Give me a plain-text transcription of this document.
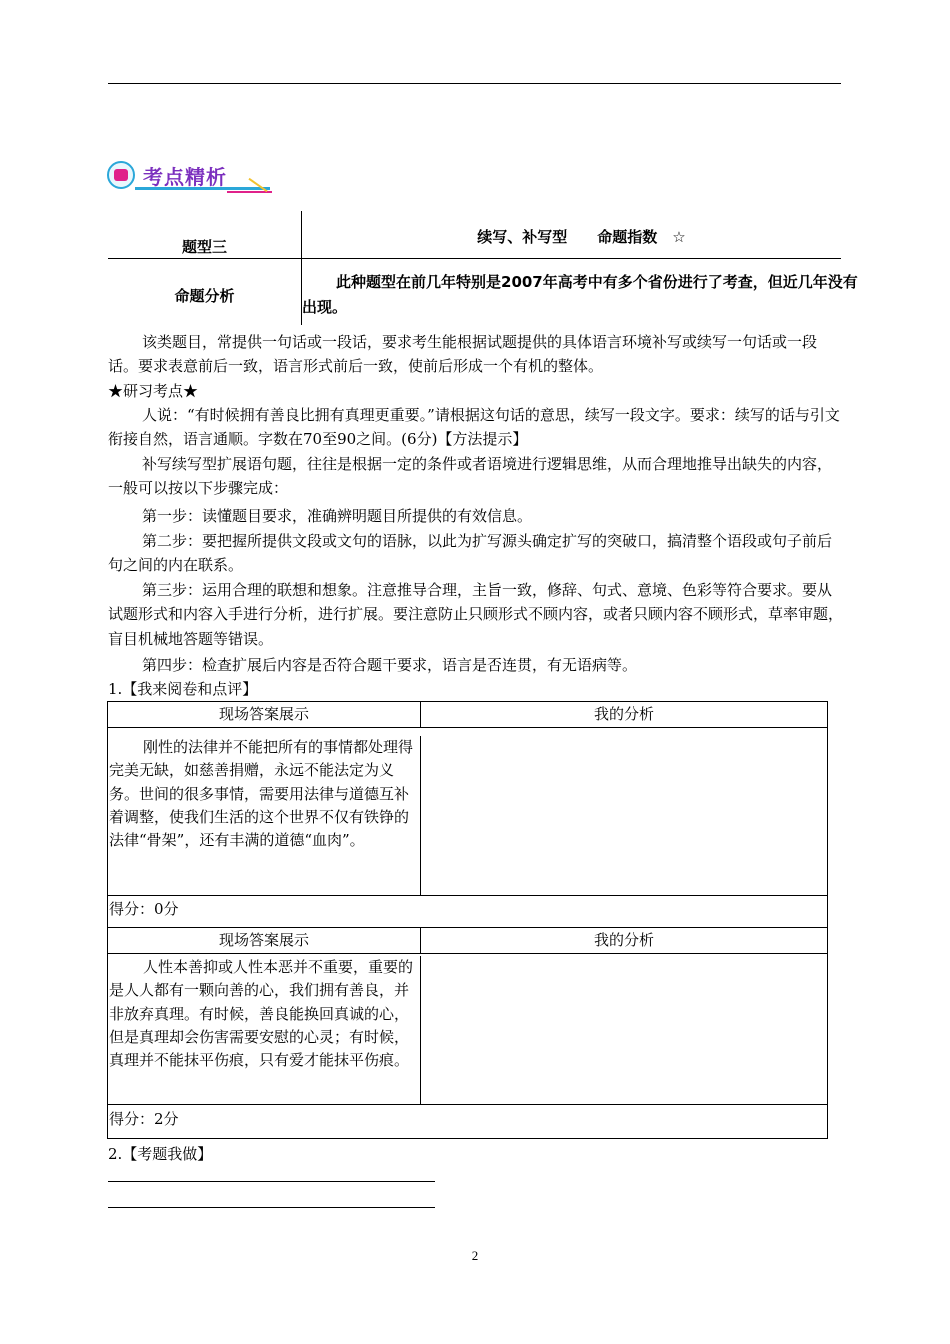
考点精析
题型三
续写、补写型　　命题指数　☆
命题分析
此种题型在前几年特别是2007年高考中有多个省份进行了考查，但近几年没有出现。
该类题目，常提供一句话或一段话，要求考生能根据试题提供的具体语言环境补写或续写一句话或一段话。要求表意前后一致，语言形式前后一致，使前后形成一个有机的整体。
★研习考点★
人说：“有时候拥有善良比拥有真理更重要。”请根据这句话的意思，续写一段文字。要求：续写的话与引文衔接自然，语言通顺。字数在70至90之间。(6分)【方法提示】
补写续写型扩展语句题，往往是根据一定的条件或者语境进行逻辑思维，从而合理地推导出缺失的内容，一般可以按以下步骤完成：
第一步：读懂题目要求，准确辨明题目所提供的有效信息。
第二步：要把握所提供文段或文句的语脉，以此为扩写源头确定扩写的突破口，搞清整个语段或句子前后句之间的内在联系。
第三步：运用合理的联想和想象。注意推导合理，主旨一致，修辞、句式、意境、色彩等符合要求。要从试题形式和内容入手进行分析，进行扩展。要注意防止只顾形式不顾内容，或者只顾内容不顾形式，草率审题，盲目机械地答题等错误。
第四步：检查扩展后内容是否符合题干要求，语言是否连贯，有无语病等。
1.【我来阅卷和点评】
现场答案展示	我的分析
刚性的法律并不能把所有的事情都处理得完美无缺，如慈善捐赠，永远不能法定为义务。世间的很多事情，需要用法律与道德互补着调整，使我们生活的这个世界不仅有铁铮的法律“骨架”，还有丰满的道德“血肉”。
得分：0分
现场答案展示	我的分析
人性本善抑或人性本恶并不重要，重要的是人人都有一颗向善的心，我们拥有善良，并非放弃真理。有时候，善良能换回真诚的心，但是真理却会伤害需要安慰的心灵；有时候，真理并不能抹平伤痕，只有爱才能抹平伤痕。
得分：2分
2.【考题我做】
2
